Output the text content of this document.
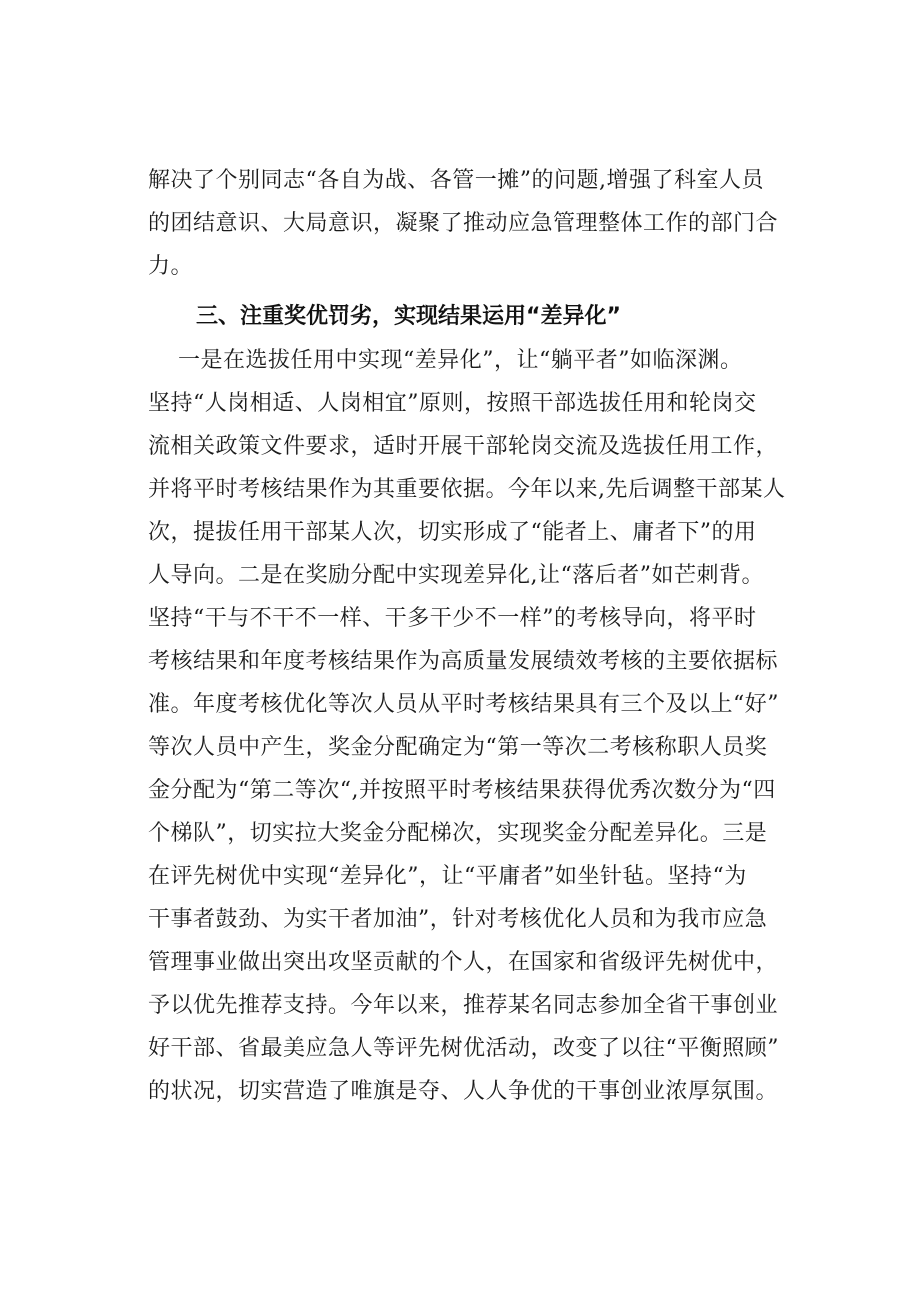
解决了个别同志“各自为战、各管一摊”的问题,增强了科室人员
的团结意识、大局意识，凝聚了推动应急管理整体工作的部门合
力。
三、注重奖优罚劣，实现结果运用“差异化”
一是在选拔任用中实现“差异化”，让“躺平者”如临深渊。
坚持“人岗相适、人岗相宜”原则，按照干部选拔任用和轮岗交
流相关政策文件要求，适时开展干部轮岗交流及选拔任用工作，
并将平时考核结果作为其重要依据。今年以来,先后调整干部某人
次，提拔任用干部某人次，切实形成了“能者上、庸者下”的用
人导向。二是在奖励分配中实现差异化,让“落后者”如芒刺背。
坚持“干与不干不一样、干多干少不一样”的考核导向，将平时
考核结果和年度考核结果作为高质量发展绩效考核的主要依据标
准。年度考核优化等次人员从平时考核结果具有三个及以上“好”
等次人员中产生，奖金分配确定为“第一等次二考核称职人员奖
金分配为“第二等次“,并按照平时考核结果获得优秀次数分为“四
个梯队”，切实拉大奖金分配梯次，实现奖金分配差异化。三是
在评先树优中实现“差异化”，让“平庸者”如坐针毡。坚持“为
干事者鼓劲、为实干者加油”，针对考核优化人员和为我市应急
管理事业做出突出攻坚贡献的个人，在国家和省级评先树优中，
予以优先推荐支持。今年以来，推荐某名同志参加全省干事创业
好干部、省最美应急人等评先树优活动，改变了以往“平衡照顾”
的状况，切实营造了唯旗是夺、人人争优的干事创业浓厚氛围。
